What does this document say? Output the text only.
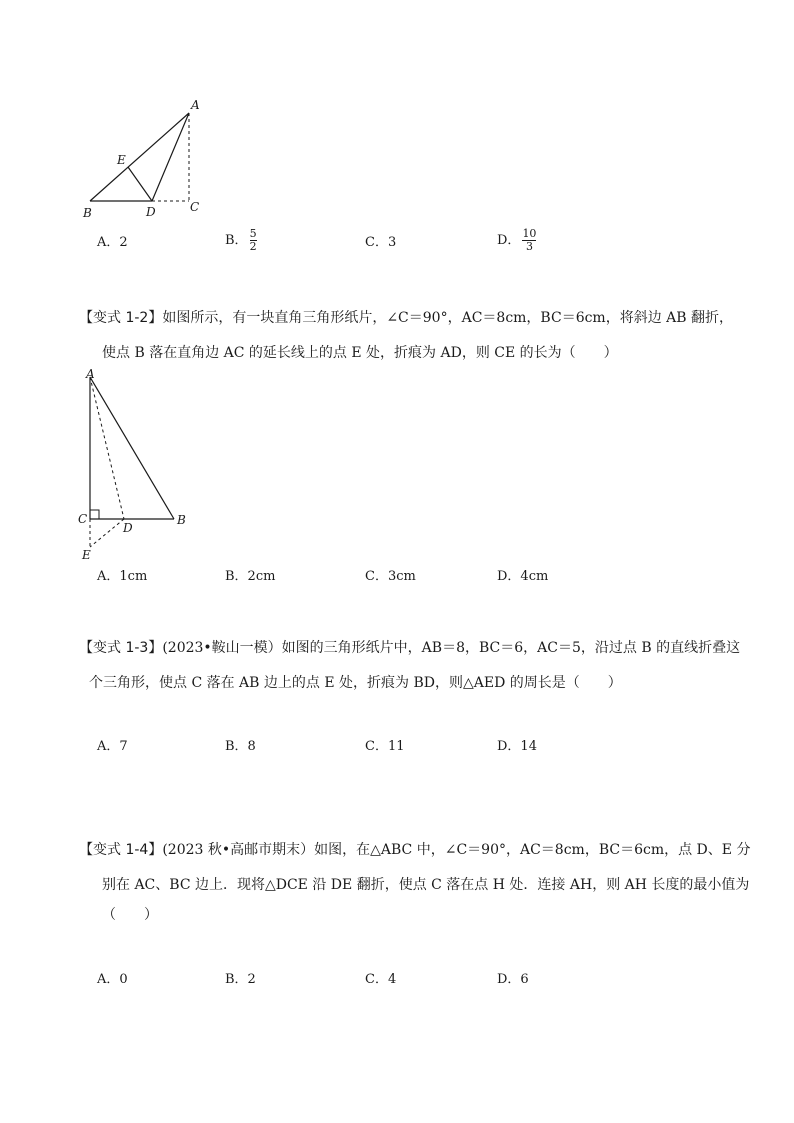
A
E
B	D	C
A．2	B． $\frac{5}{2}$	C．3	D． $\frac{10}{3}$
【变式 1-2】如图所示，有一块直角三角形纸片，∠C＝90°，AC＝8cm，BC＝6cm，将斜边 AB 翻折，
使点 B 落在直角边 AC 的延长线上的点 E 处，折痕为 AD，则 CE 的长为（　　）
A
C
D
B
E
A．1cm	B．2cm	C．3cm	D．4cm
【变式 1-3】(2023•鞍山一模）如图的三角形纸片中，AB＝8，BC＝6，AC＝5，沿过点 B 的直线折叠这
个三角形，使点 C 落在 AB 边上的点 E 处，折痕为 BD，则△AED 的周长是（　　）
A．7	B．8	C．11	D．14
【变式 1-4】(2023 秋•高邮市期末）如图，在△ABC 中，∠C＝90°，AC＝8cm，BC＝6cm，点 D、E 分
别在 AC、BC 边上．现将△DCE 沿 DE 翻折，使点 C 落在点 H 处．连接 AH，则 AH 长度的最小值为
（　　）
A．0	B．2	C．4	D．6
